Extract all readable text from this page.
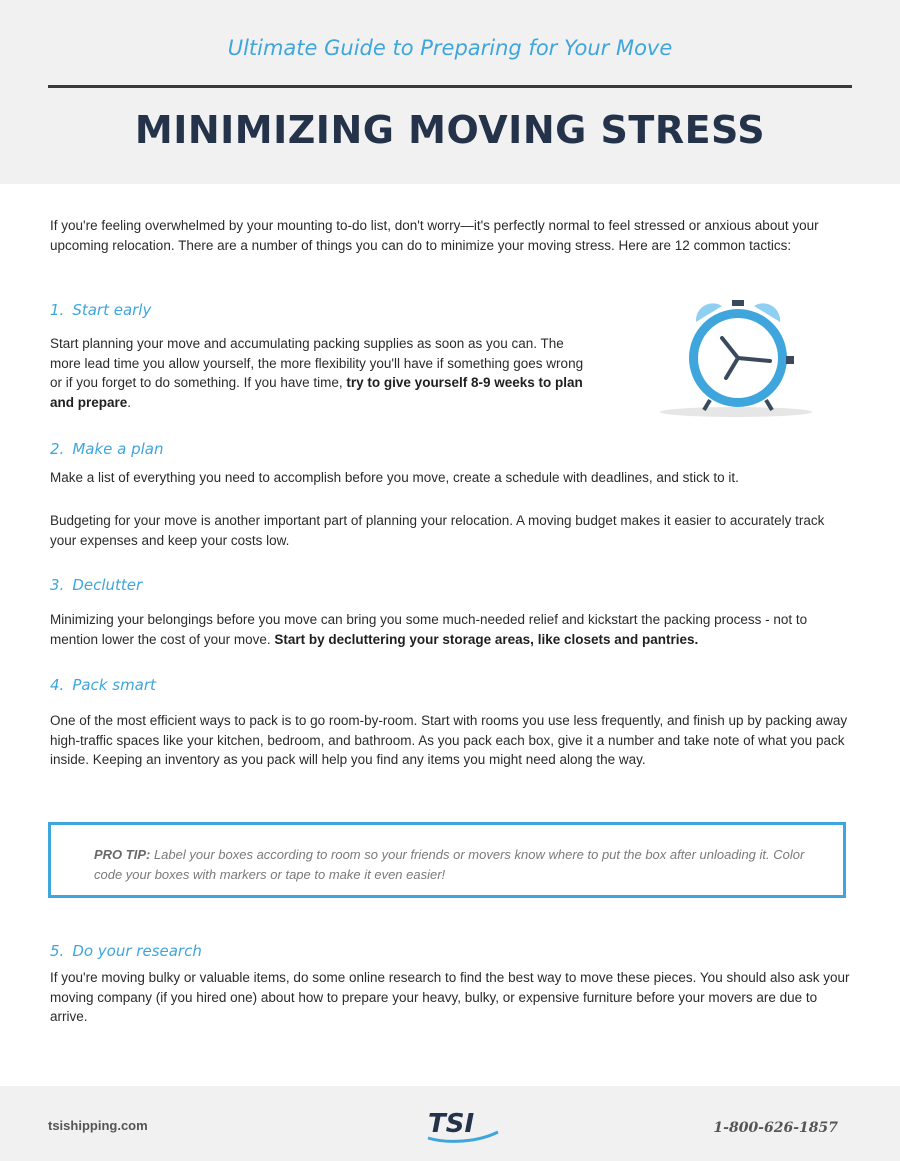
Ultimate Guide to Preparing for Your Move
MINIMIZING MOVING STRESS
If you're feeling overwhelmed by your mounting to-do list, don't worry—it's perfectly normal to feel stressed or anxious about your upcoming relocation. There are a number of things you can do to minimize your moving stress. Here are 12 common tactics:
1. Start early
Start planning your move and accumulating packing supplies as soon as you can. The more lead time you allow yourself, the more flexibility you'll have if something goes wrong or if you forget to do something. If you have time, try to give yourself 8-9 weeks to plan and prepare.
2. Make a plan
Make a list of everything you need to accomplish before you move, create a schedule with deadlines, and stick to it.
Budgeting for your move is another important part of planning your relocation. A moving budget makes it easier to accurately track your expenses and keep your costs low.
3. Declutter
Minimizing your belongings before you move can bring you some much-needed relief and kickstart the packing process - not to mention lower the cost of your move. Start by decluttering your storage areas, like closets and pantries.
4. Pack smart
One of the most efficient ways to pack is to go room-by-room. Start with rooms you use less frequently, and finish up by packing away high-traffic spaces like your kitchen, bedroom, and bathroom. As you pack each box, give it a number and take note of what you pack inside. Keeping an inventory as you pack will help you find any items you might need along the way.
PRO TIP: Label your boxes according to room so your friends or movers know where to put the box after unloading it. Color code your boxes with markers or tape to make it even easier!
5. Do your research
If you're moving bulky or valuable items, do some online research to find the best way to move these pieces. You should also ask your moving company (if you hired one) about how to prepare your heavy, bulky, or expensive furniture before your movers are due to arrive.
tsishipping.com	TSI	1-800-626-1857
